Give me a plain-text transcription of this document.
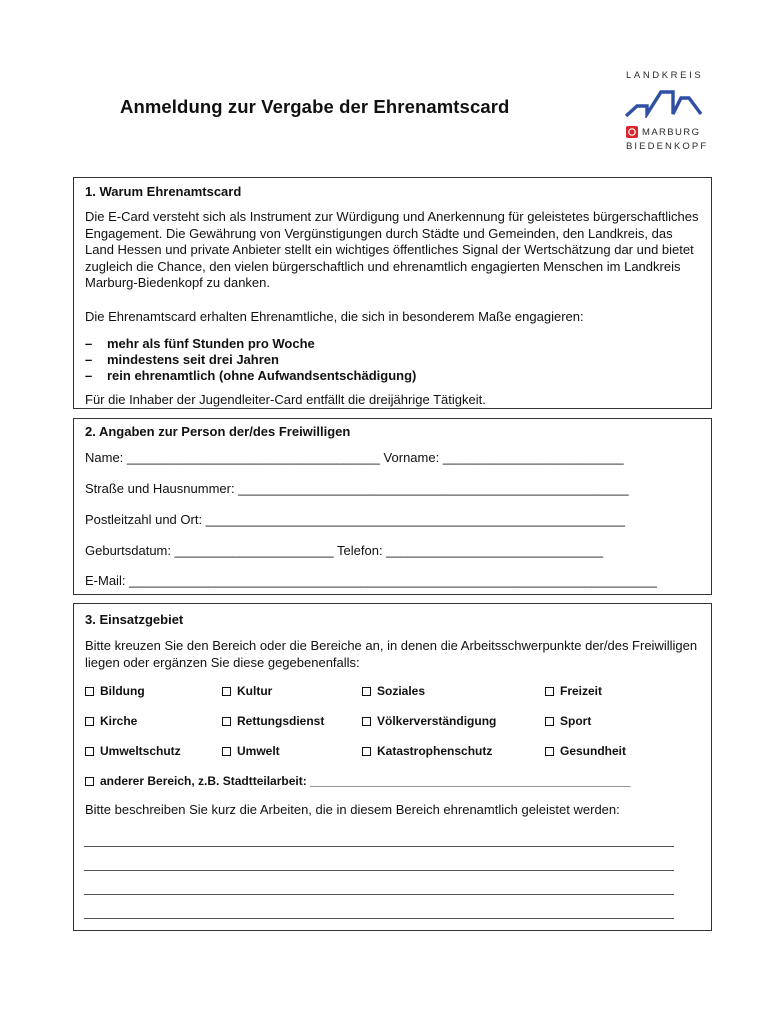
Anmeldung zur Vergabe der Ehrenamtscard
LANDKREIS
MARBURG
BIEDENKOPF
1. Warum Ehrenamtscard
Die E-Card versteht sich als Instrument zur Würdigung und Anerkennung für geleistetes bürgerschaftliches Engagement. Die Gewährung von Vergünstigungen durch Städte und Gemeinden, den Landkreis, das Land Hessen und private Anbieter stellt ein wichtiges öffentliches Signal der Wertschätzung dar und bietet zugleich die Chance, den vielen bürgerschaftlich und ehrenamtlich engagierten Menschen im Landkreis Marburg-Biedenkopf zu danken.
Die Ehrenamtscard erhalten Ehrenamtliche, die sich in besonderem Maße engagieren:
– mehr als fünf Stunden pro Woche
– mindestens seit drei Jahren
– rein ehrenamtlich (ohne Aufwandsentschädigung)
Für die Inhaber der Jugendleiter-Card entfällt die dreijährige Tätigkeit.
2. Angaben zur Person der/des Freiwilligen
Name: ___________________________________ Vorname: _________________________
Straße und Hausnummer: ______________________________________________________
Postleitzahl und Ort: __________________________________________________________
Geburtsdatum: ______________________ Telefon: ______________________________
E-Mail: _________________________________________________________________________
3. Einsatzgebiet
Bitte kreuzen Sie den Bereich oder die Bereiche an, in denen die Arbeitsschwerpunkte der/des Freiwilligen liegen oder ergänzen Sie diese gegebenenfalls:
Bildung	Kultur	Soziales	Freizeit
Kirche	Rettungsdienst	Völkerverständigung	Sport
Umweltschutz	Umwelt	Katastrophenschutz	Gesundheit
anderer Bereich, z.B. Stadtteilarbeit: ________________________________________________
Bitte beschreiben Sie kurz die Arbeiten, die in diesem Bereich ehrenamtlich geleistet werden:
